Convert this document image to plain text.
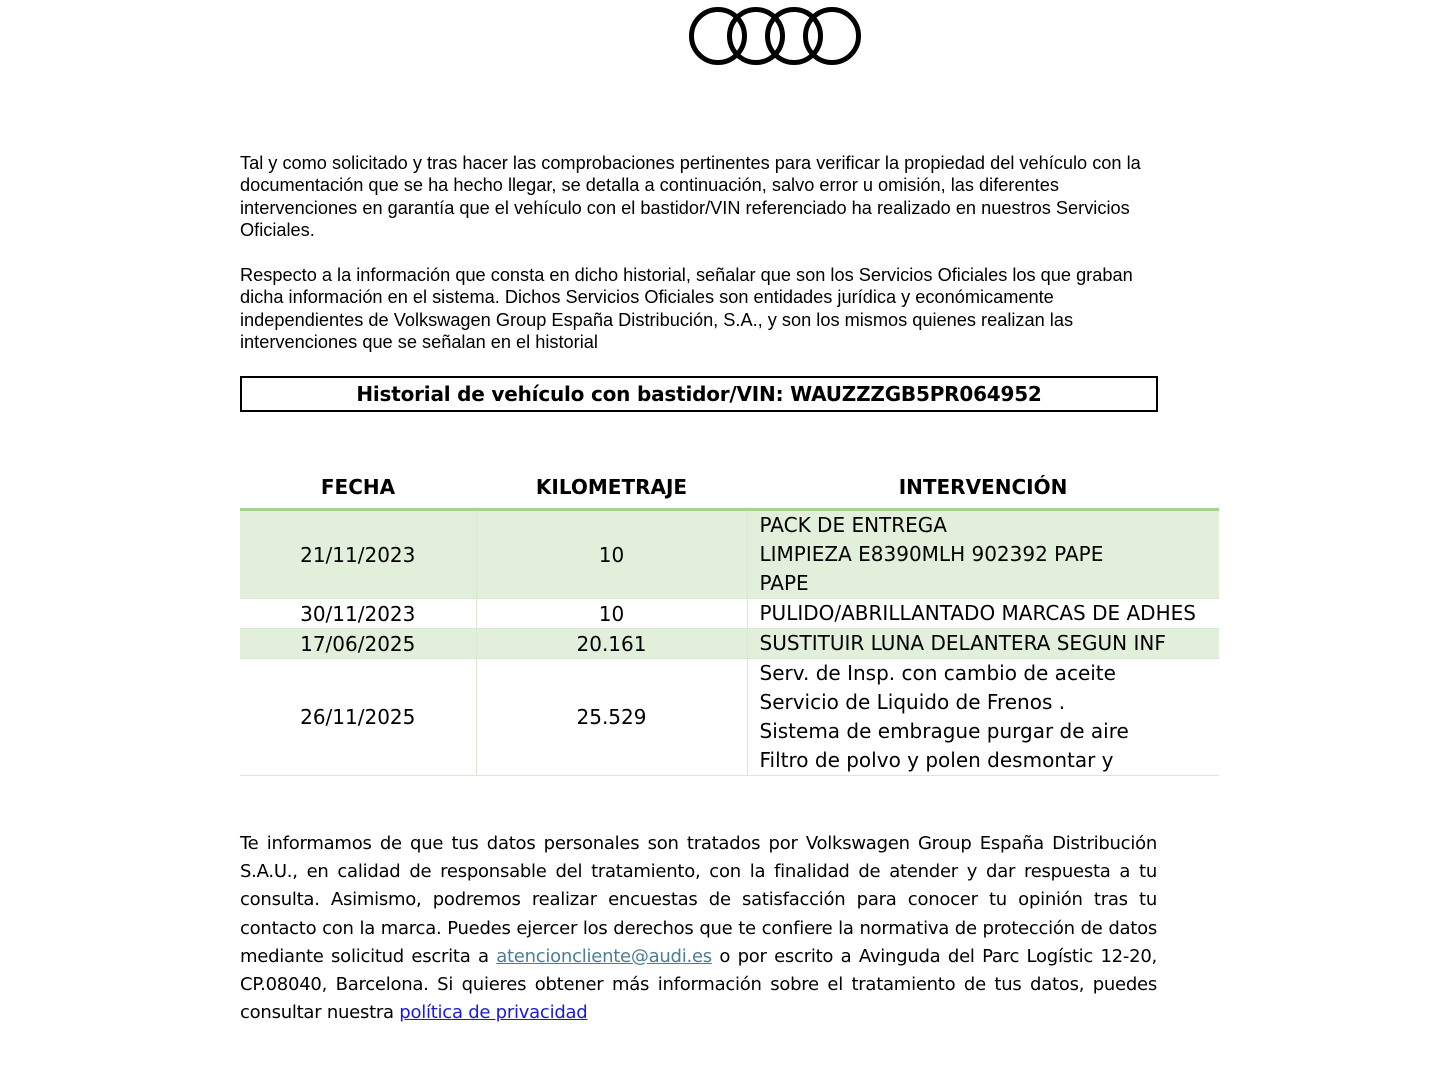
Tal y como solicitado y tras hacer las comprobaciones pertinentes para verificar la propiedad del vehículo con la documentación que se ha hecho llegar, se detalla a continuación, salvo error u omisión, las diferentes intervenciones en garantía que el vehículo con el bastidor/VIN referenciado ha realizado en nuestros Servicios Oficiales.

Respecto a la información que consta en dicho historial, señalar que son los Servicios Oficiales los que graban dicha información en el sistema. Dichos Servicios Oficiales son entidades jurídica y económicamente independientes de Volkswagen Group España Distribución, S.A., y son los mismos quienes realizan las intervenciones que se señalan en el historial

Historial de vehículo con bastidor/VIN: WAUZZZGB5PR064952
FECHA	KILOMETRAJE	INTERVENCIÓN
21/11/2023	10	PACK DE ENTREGA
LIMPIEZA E8390MLH 902392 PAPE
PAPE

30/11/2023	10	PULIDO/ABRILLANTADO MARCAS DE ADHES

17/06/2025	20.161	SUSTITUIR LUNA DELANTERA SEGUN INF

26/11/2025	25.529	Serv. de Insp. con cambio de aceite
Servicio de Liquido de Frenos .
Sistema de embrague purgar de aire
Filtro de polvo y polen desmontar y

Te informamos de que tus datos personales son tratados por Volkswagen Group España Distribución S.A.U., en calidad de responsable del tratamiento, con la finalidad de atender y dar respuesta a tu consulta. Asimismo, podremos realizar encuestas de satisfacción para conocer tu opinión tras tu contacto con la marca. Puedes ejercer los derechos que te confiere la normativa de protección de datos mediante solicitud escrita a atencioncliente@audi.es o por escrito a Avinguda del Parc Logístic 12-20, CP.08040, Barcelona. Si quieres obtener más información sobre el tratamiento de tus datos, puedes consultar nuestra política de privacidad
